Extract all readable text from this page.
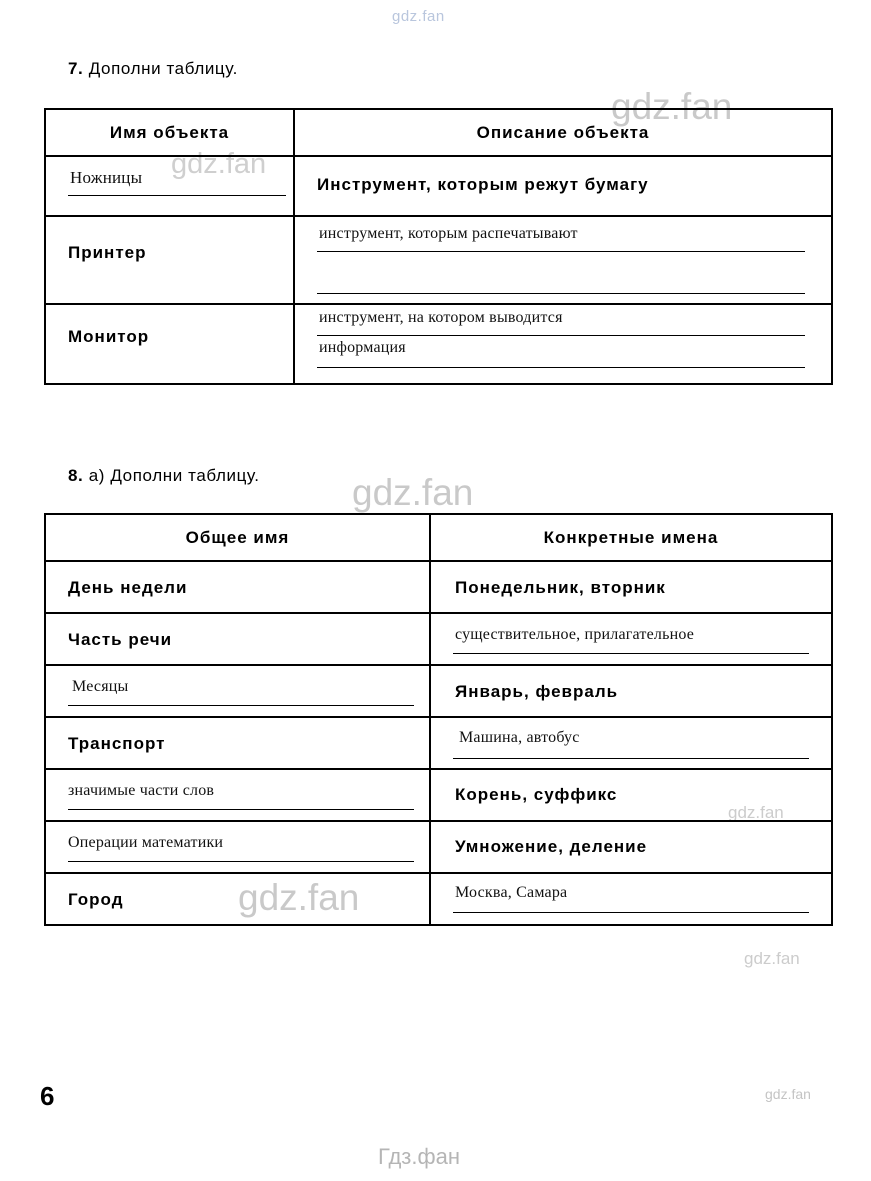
gdz.fan
gdz.fan
gdz.fan
gdz.fan
gdz.fan
gdz.fan
gdz.fan
gdz.fan
Гдз.фан
7. Дополни таблицу.
Имя объекта	Описание объекта

Ножницы	Инструмент, которым режут бумагу

Принтер	инструмент, которым распечатывают

Монитор	инструмент, на котором выводится
информация
8. а) Дополни таблицу.
Общее имя	Конкретные имена

День недели	Понедельник, вторник

Часть речи	существительное, прилагательное

Месяцы	Январь, февраль

Транспорт	Машина, автобус

значимые части слов	Корень, суффикс

Операции математики	Умножение, деление

Город	Москва, Самара
6
